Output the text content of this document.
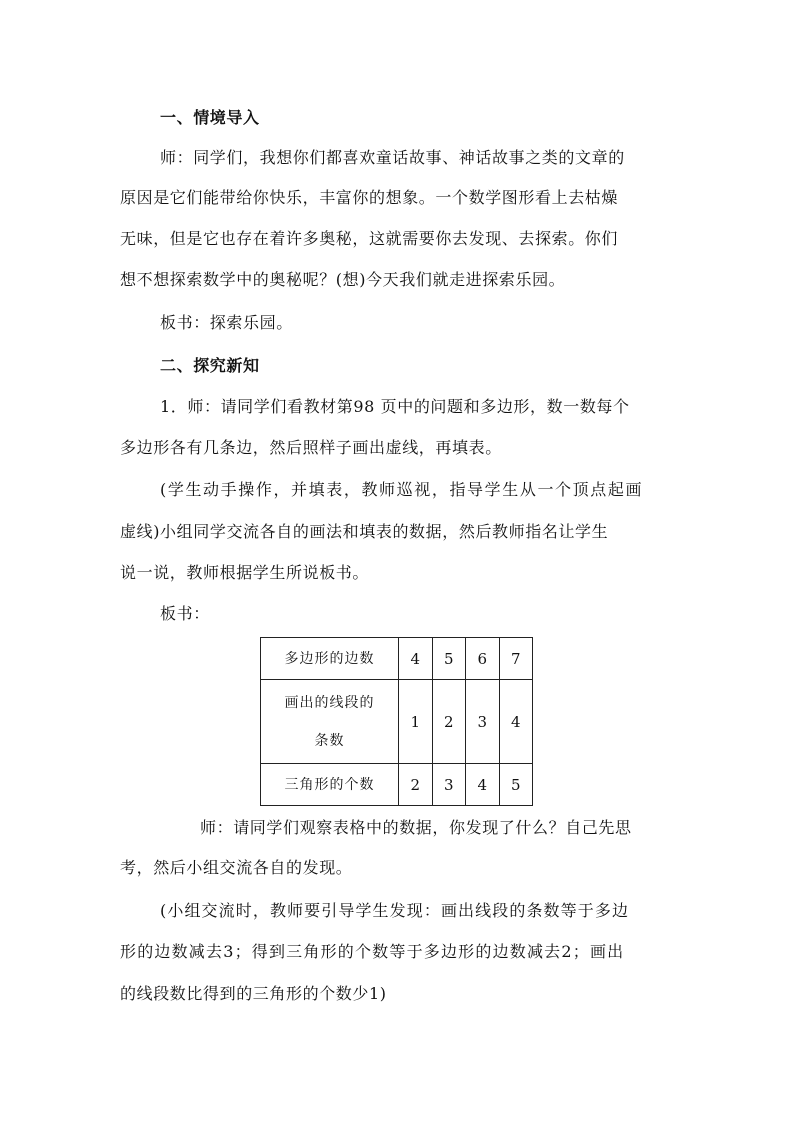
一、情境导入
师：同学们，我想你们都喜欢童话故事、神话故事之类的文章的
原因是它们能带给你快乐，丰富你的想象。一个数学图形看上去枯燥
无味，但是它也存在着许多奥秘，这就需要你去发现、去探索。你们
想不想探索数学中的奥秘呢？(想)今天我们就走进探索乐园。
板书：探索乐园。
二、探究新知
1．师：请同学们看教材第98 页中的问题和多边形，数一数每个
多边形各有几条边，然后照样子画出虚线，再填表。
(学生动手操作，并填表，教师巡视，指导学生从一个顶点起画
虚线)小组同学交流各自的画法和填表的数据，然后教师指名让学生
说一说，教师根据学生所说板书。
板书：
多边形的边数	4	5	6	7

画出的线段的
条数	1	2	3	4
三角形的个数	2	3	4	5
师：请同学们观察表格中的数据，你发现了什么？自己先思
考，然后小组交流各自的发现。
(小组交流时，教师要引导学生发现：画出线段的条数等于多边
形的边数减去3；得到三角形的个数等于多边形的边数减去2；画出
的线段数比得到的三角形的个数少1)
